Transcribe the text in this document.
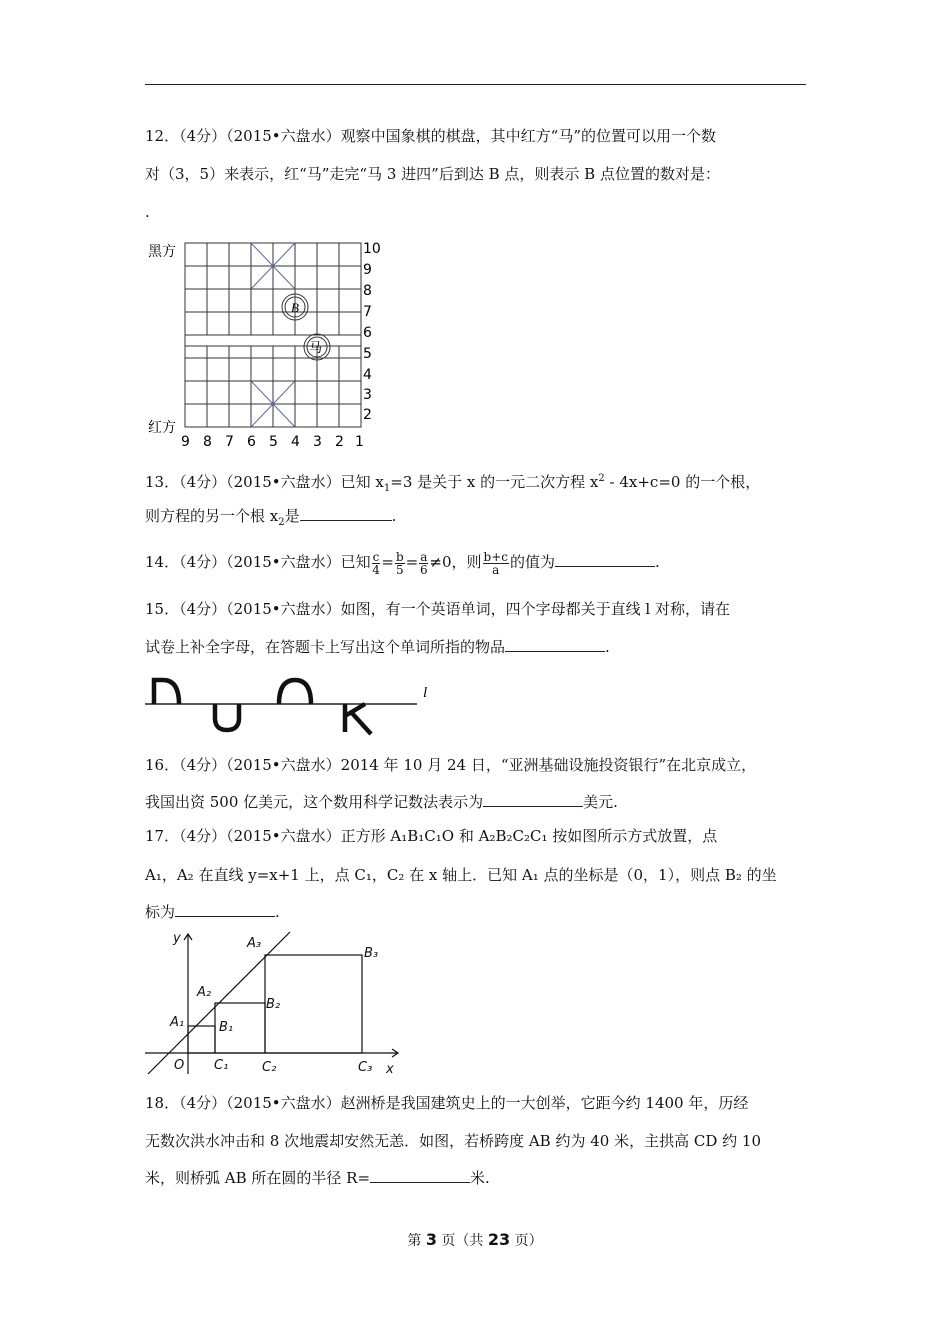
12．（4分）（2015•六盘水）观察中国象棋的棋盘，其中红方“马”的位置可以用一个数
对（3，5）来表示，红“马”走完“马 3 进四”后到达 B 点，则表示 B 点位置的数对是：
.
B
马
黑方
红方
10
9
8
7
6
5
4
3
2
9 8 7 6 5 4 3 2 1
13．（4分）（2015•六盘水）已知 $x_1=3$ 是关于 x 的一元二次方程 $x^2 - 4x+c=0$ 的一个根，
则方程的另一个根 $x_2$是	.
14．（4分）（2015•六盘水）已知 $\frac{c}{4} = \frac{b}{5} = \frac{a}{6} \ne 0$，则 $\frac{b+c}{a}$ 的值为	.
15．（4分）（2015•六盘水）如图，有一个英语单词，四个字母都关于直线 l 对称，请在
试卷上补全字母，在答题卡上写出这个单词所指的物品	.
l
16．（4分）（2015•六盘水）2014 年 10 月 24 日，“亚洲基础设施投资银行”在北京成立，
我国出资 500 亿美元，这个数用科学记数法表示为	美元.
17．（4分）（2015•六盘水）正方形 A₁B₁C₁O 和 A₂B₂C₂C₁ 按如图所示方式放置，点
A₁，A₂ 在直线 y=x+1 上，点 C₁，C₂ 在 x 轴上．已知 A₁ 点的坐标是（0，1），则点 B₂ 的坐
标为	.
y
x
O
A₁
A₂
A₃
B₁
B₂
B₃
C₁	C₂	C₃
18．（4分）（2015•六盘水）赵洲桥是我国建筑史上的一大创举，它距今约 1400 年，历经
无数次洪水冲击和 8 次地震却安然无恙．如图，若桥跨度 AB 约为 40 米，主拱高 CD 约 10
米，则桥弧 AB 所在圆的半径 R=	米.
第 3 页（共 23 页）
